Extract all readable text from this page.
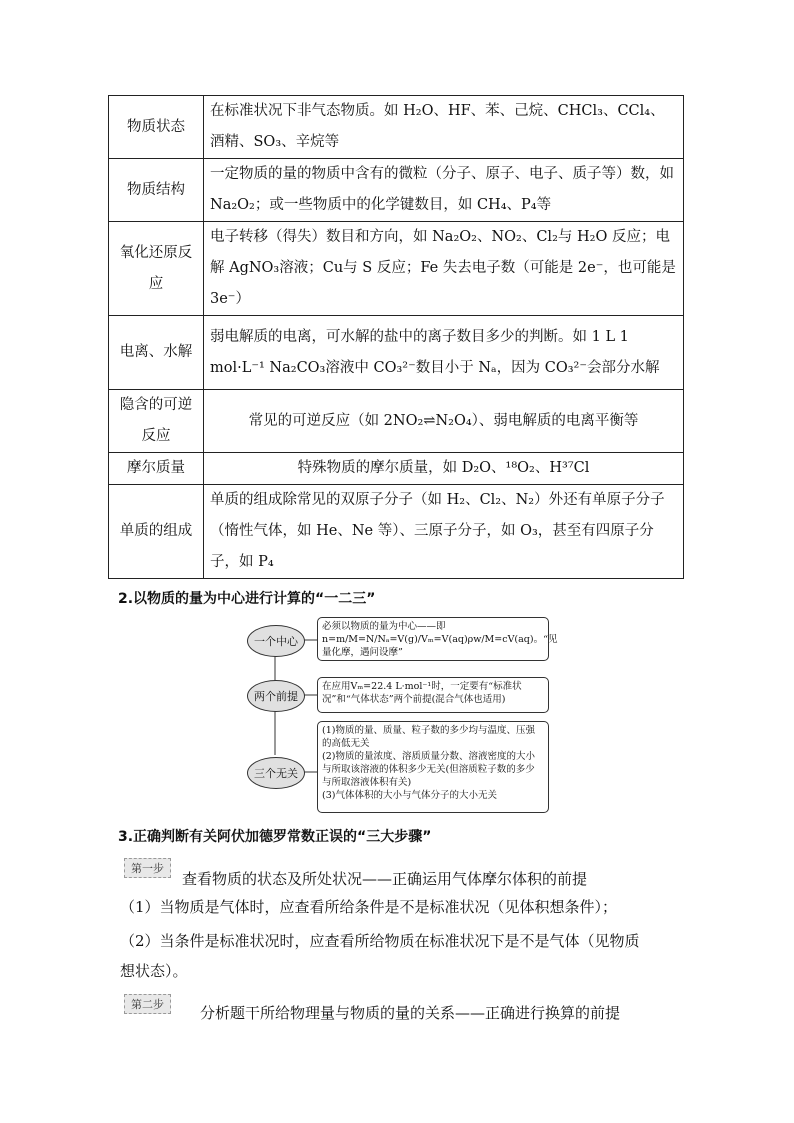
物质状态	在标准状况下非气态物质。如 H₂O、HF、苯、己烷、CHCl₃、CCl₄、酒精、SO₃、辛烷等
物质结构	一定物质的量的物质中含有的微粒（分子、原子、电子、质子等）数，如 Na₂O₂；或一些物质中的化学键数目，如 CH₄、P₄等
氧化还原反应	电子转移（得失）数目和方向，如 Na₂O₂、NO₂、Cl₂与 H₂O 反应；电解 AgNO₃溶液；Cu与 S 反应；Fe 失去电子数（可能是 2e⁻，也可能是 3e⁻）
电离、水解	弱电解质的电离，可水解的盐中的离子数目多少的判断。如 1 L 1 mol·L⁻¹ Na₂CO₃溶液中 CO₃²⁻数目小于 Nₐ，因为 CO₃²⁻会部分水解
隐含的可逆反应	常见的可逆反应（如 2NO₂⇌N₂O₄）、弱电解质的电离平衡等
摩尔质量	特殊物质的摩尔质量，如 D₂O、¹⁸O₂、H³⁷Cl
单质的组成	单质的组成除常见的双原子分子（如 H₂、Cl₂、N₂）外还有单原子分子（惰性气体，如 He、Ne 等）、三原子分子，如 O₃，甚至有四原子分子，如 P₄
2.以物质的量为中心进行计算的“一二三”
一个中心
两个前提
三个无关
必须以物质的量为中心——即n=m/M=N/Nₐ=V(g)/Vₘ=V(aq)ρw/M=cV(aq)。“见量化摩，遇问设摩”
在应用Vₘ=22.4 L·mol⁻¹时，一定要有“标准状况”和“气体状态”两个前提(混合气体也适用)
(1)物质的量、质量、粒子数的多少均与温度、压强的高低无关
(2)物质的量浓度、溶质质量分数、溶液密度的大小与所取该溶液的体积多少无关(但溶质粒子数的多少与所取溶液体积有关)
(3)气体体积的大小与气体分子的大小无关
3.正确判断有关阿伏加德罗常数正误的“三大步骤”
第一步
查看物质的状态及所处状况——正确运用气体摩尔体积的前提
（1）当物质是气体时，应查看所给条件是不是标准状况（见体积想条件）；
（2）当条件是标准状况时，应查看所给物质在标准状况下是不是气体（见物质
想状态）。
第二步	分析题干所给物理量与物质的量的关系——正确进行换算的前提
